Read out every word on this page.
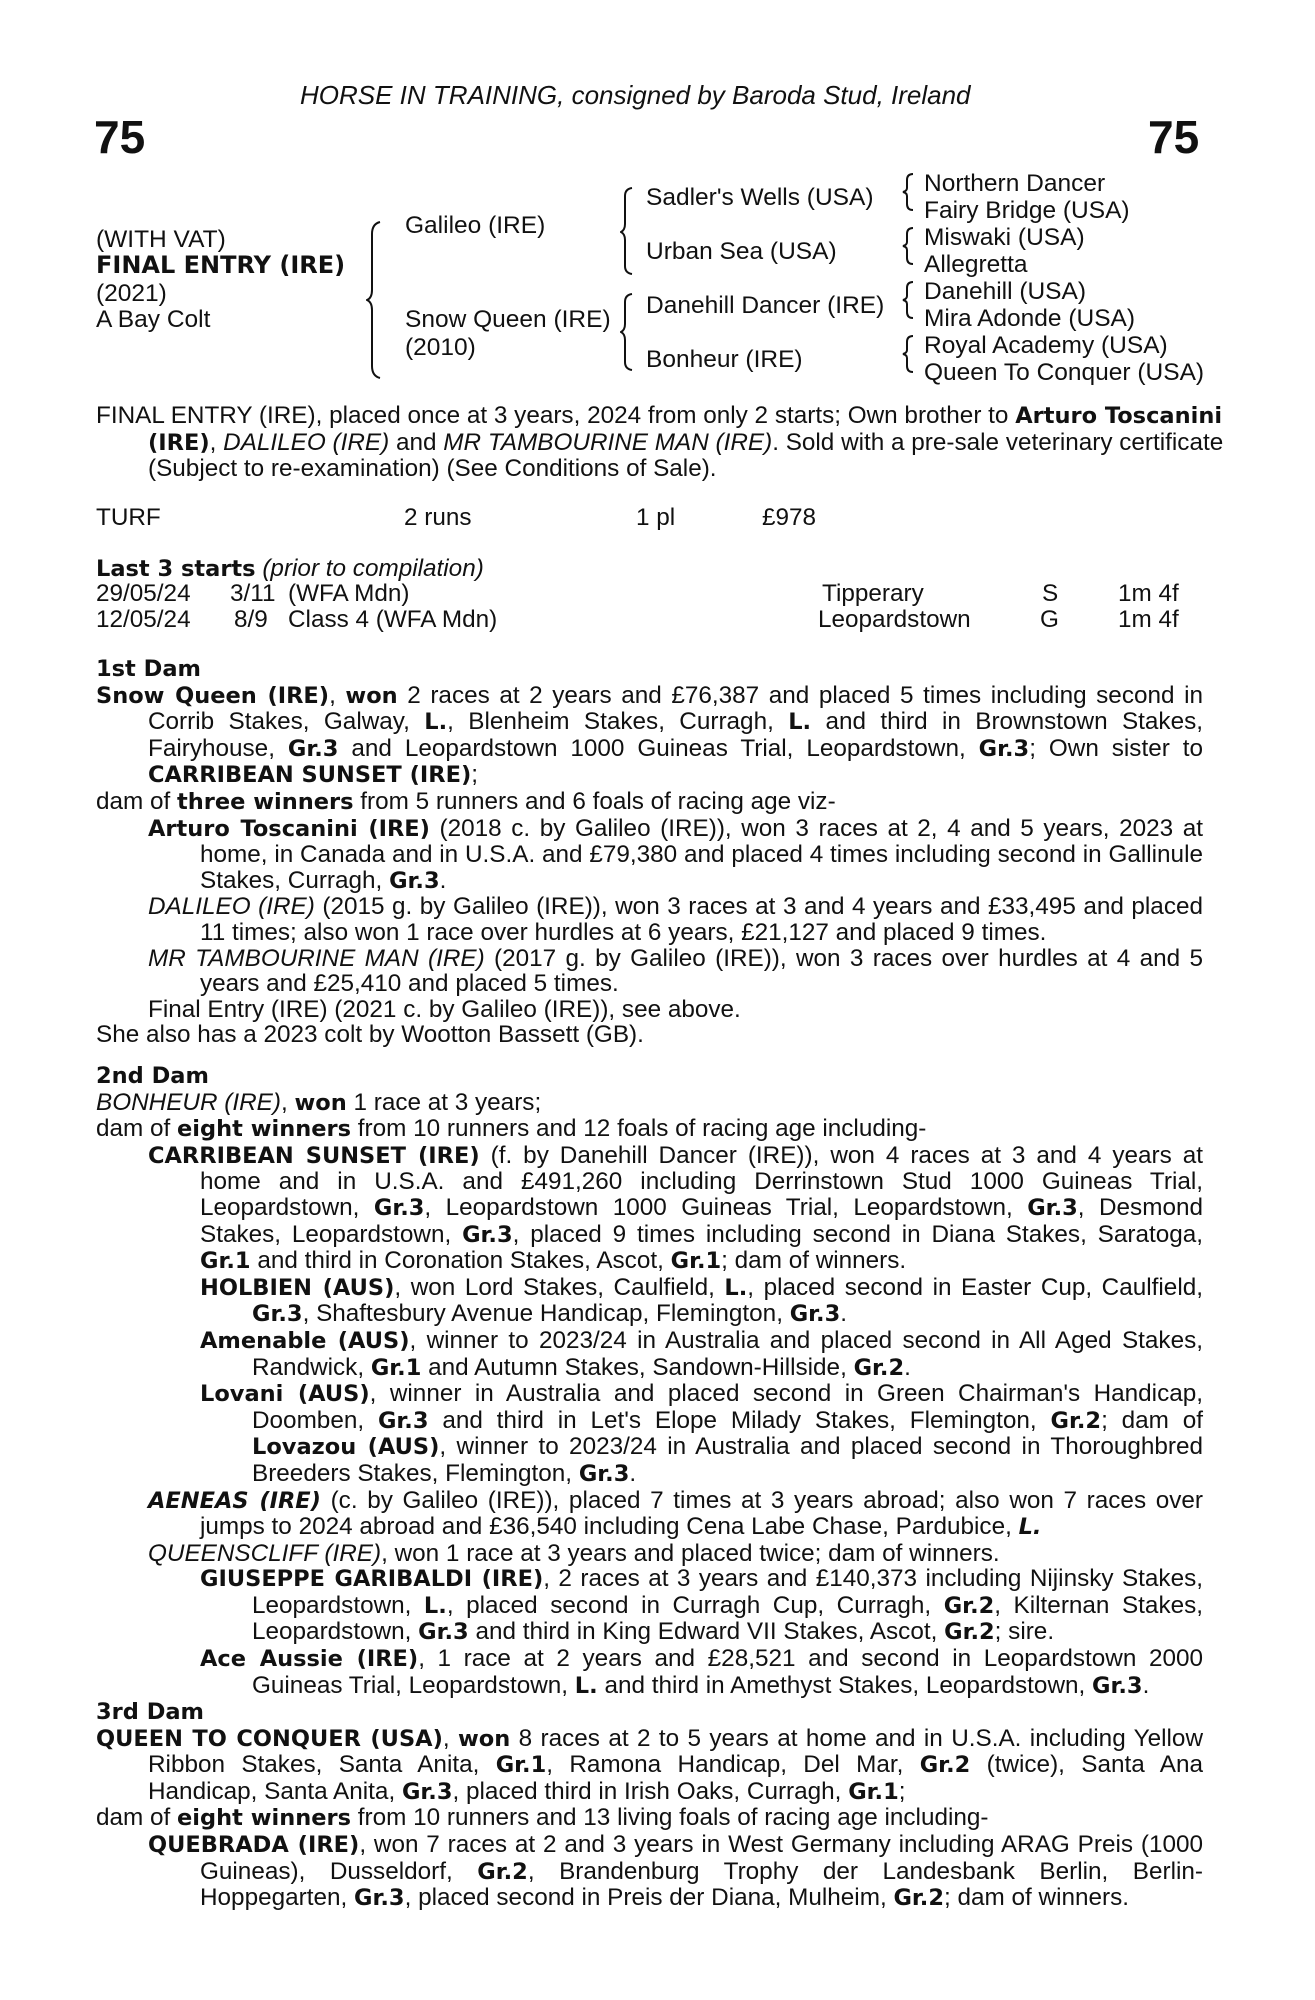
HORSE IN TRAINING, consigned by Baroda Stud, Ireland
75	75
(WITH VAT)
FINAL ENTRY (IRE)
(2021)
A Bay Colt
Galileo (IRE)
Snow Queen (IRE)
(2010)
Sadler's Wells (USA)
Urban Sea (USA)
Danehill Dancer (IRE)
Bonheur (IRE)
Northern Dancer
Fairy Bridge (USA)
Miswaki (USA)
Allegretta
Danehill (USA)
Mira Adonde (USA)
Royal Academy (USA)
Queen To Conquer (USA)
FINAL ENTRY (IRE), placed once at 3 years, 2024 from only 2 starts; Own brother to Arturo Toscanini (IRE), DALILEO (IRE) and MR TAMBOURINE MAN (IRE). Sold with a pre-sale veterinary certificate (Subject to re-examination) (See Conditions of Sale).
TURF	2 runs	1 pl	£978
Last 3 starts (prior to compilation)
29/05/24 3/11 (WFA Mdn)	Tipperary	S 1m 4f
12/05/24 8/9 Class 4 (WFA Mdn)	Leopardstown	G 1m 4f
1st Dam
Snow Queen (IRE), won 2 races at 2 years and £76,387 and placed 5 times including second in Corrib Stakes, Galway, L., Blenheim Stakes, Curragh, L. and third in Brownstown Stakes, Fairyhouse, Gr.3 and Leopardstown 1000 Guineas Trial, Leopardstown, Gr.3; Own sister to CARRIBEAN SUNSET (IRE);
dam of three winners from 5 runners and 6 foals of racing age viz-
Arturo Toscanini (IRE) (2018 c. by Galileo (IRE)), won 3 races at 2, 4 and 5 years, 2023 at home, in Canada and in U.S.A. and £79,380 and placed 4 times including second in Gallinule Stakes, Curragh, Gr.3.
DALILEO (IRE) (2015 g. by Galileo (IRE)), won 3 races at 3 and 4 years and £33,495 and placed 11 times; also won 1 race over hurdles at 6 years, £21,127 and placed 9 times.
MR TAMBOURINE MAN (IRE) (2017 g. by Galileo (IRE)), won 3 races over hurdles at 4 and 5 years and £25,410 and placed 5 times.
Final Entry (IRE) (2021 c. by Galileo (IRE)), see above.
She also has a 2023 colt by Wootton Bassett (GB).
2nd Dam
BONHEUR (IRE), won 1 race at 3 years;
dam of eight winners from 10 runners and 12 foals of racing age including-
CARRIBEAN SUNSET (IRE) (f. by Danehill Dancer (IRE)), won 4 races at 3 and 4 years at home and in U.S.A. and £491,260 including Derrinstown Stud 1000 Guineas Trial, Leopardstown, Gr.3, Leopardstown 1000 Guineas Trial, Leopardstown, Gr.3, Desmond Stakes, Leopardstown, Gr.3, placed 9 times including second in Diana Stakes, Saratoga, Gr.1 and third in Coronation Stakes, Ascot, Gr.1; dam of winners.
HOLBIEN (AUS), won Lord Stakes, Caulfield, L., placed second in Easter Cup, Caulfield, Gr.3, Shaftesbury Avenue Handicap, Flemington, Gr.3.
Amenable (AUS), winner to 2023/24 in Australia and placed second in All Aged Stakes, Randwick, Gr.1 and Autumn Stakes, Sandown-Hillside, Gr.2.
Lovani (AUS), winner in Australia and placed second in Green Chairman's Handicap, Doomben, Gr.3 and third in Let's Elope Milady Stakes, Flemington, Gr.2; dam of Lovazou (AUS), winner to 2023/24 in Australia and placed second in Thoroughbred Breeders Stakes, Flemington, Gr.3.
AENEAS (IRE) (c. by Galileo (IRE)), placed 7 times at 3 years abroad; also won 7 races over jumps to 2024 abroad and £36,540 including Cena Labe Chase, Pardubice, L.
QUEENSCLIFF (IRE), won 1 race at 3 years and placed twice; dam of winners.
GIUSEPPE GARIBALDI (IRE), 2 races at 3 years and £140,373 including Nijinsky Stakes, Leopardstown, L., placed second in Curragh Cup, Curragh, Gr.2, Kilternan Stakes, Leopardstown, Gr.3 and third in King Edward VII Stakes, Ascot, Gr.2; sire.
Ace Aussie (IRE), 1 race at 2 years and £28,521 and second in Leopardstown 2000 Guineas Trial, Leopardstown, L. and third in Amethyst Stakes, Leopardstown, Gr.3.
3rd Dam
QUEEN TO CONQUER (USA), won 8 races at 2 to 5 years at home and in U.S.A. including Yellow Ribbon Stakes, Santa Anita, Gr.1, Ramona Handicap, Del Mar, Gr.2 (twice), Santa Ana Handicap, Santa Anita, Gr.3, placed third in Irish Oaks, Curragh, Gr.1;
dam of eight winners from 10 runners and 13 living foals of racing age including-
QUEBRADA (IRE), won 7 races at 2 and 3 years in West Germany including ARAG Preis (1000 Guineas), Dusseldorf, Gr.2, Brandenburg Trophy der Landesbank Berlin, Berlin-Hoppegarten, Gr.3, placed second in Preis der Diana, Mulheim, Gr.2; dam of winners.
